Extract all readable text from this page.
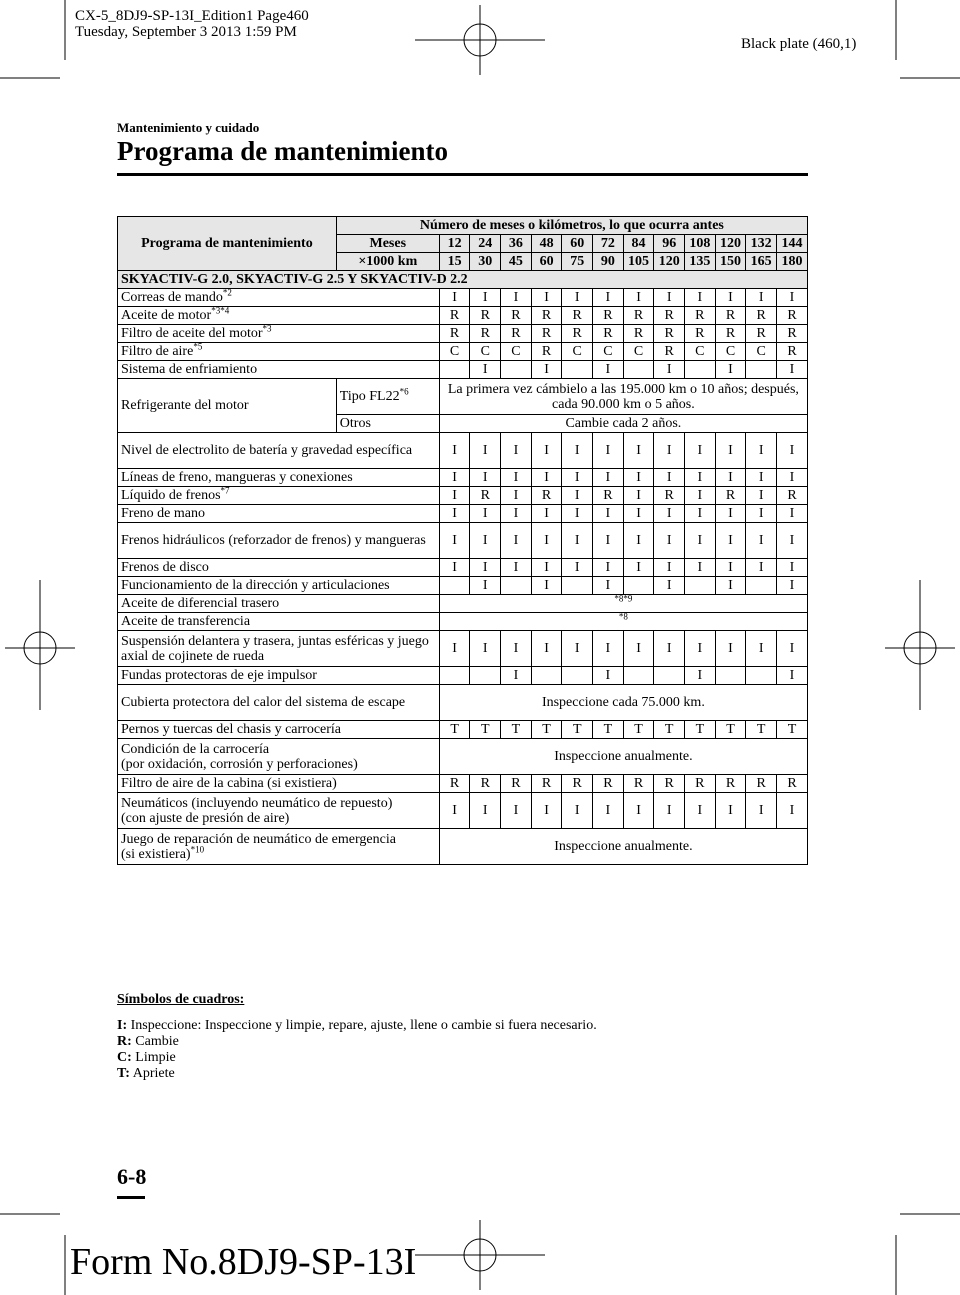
CX-5_8DJ9-SP-13I_Edition1 Page460
Tuesday, September 3 2013 1:59 PM
Black plate (460,1)
Mantenimiento y cuidado
Programa de mantenimiento
Programa de mantenimiento	Número de meses o kilómetros, lo que ocurra antes												
	Meses	12	24	36	48	60	72	84	96	108	120	132	144
	×1000 km	15	30	45	60	75	90	105	120	135	150	165	180
SKYACTIV-G 2.0, SKYACTIV-G 2.5 Y SKYACTIV-D 2.2													
Correas de mando$^{*2}$		I	I	I	I	I	I	I	I	I	I	I	I
Aceite de motor$^{*3*4}$		R	R	R	R	R	R	R	R	R	R	R	R
Filtro de aceite del motor$^{*3}$		R	R	R	R	R	R	R	R	R	R	R	R
Filtro de aire$^{*5}$		C	C	C	R	C	C	C	R	C	C	C	R
Sistema de enfriamiento			I		I		I		I		I		I
Refrigerante del motor	Tipo FL22$^{*6}$	La primera vez cámbielo a las 195.000 km o 10 años; después, cada 90.000 km o 5 años.											
	Otros	Cambie cada 2 años.											
Nivel de electrolito de batería y gravedad específica		I	I	I	I	I	I	I	I	I	I	I	I
Líneas de freno, mangueras y conexiones		I	I	I	I	I	I	I	I	I	I	I	I
Líquido de frenos$^{*7}$		I	R	I	R	I	R	I	R	I	R	I	R
Freno de mano		I	I	I	I	I	I	I	I	I	I	I	I
Frenos hidráulicos (reforzador de frenos) y mangueras		I	I	I	I	I	I	I	I	I	I	I	I
Frenos de disco		I	I	I	I	I	I	I	I	I	I	I	I
Funcionamiento de la dirección y articulaciones			I		I		I		I		I		I
Aceite de diferencial trasero		$^{*8*9}$
Aceite de transferencia		$^{*8}$
Suspensión delantera y trasera, juntas esféricas y juego axial de cojinete de rueda		I	I	I	I	I	I	I	I	I	I	I	I
Fundas protectoras de eje impulsor				I			I			I			I
Cubierta protectora del calor del sistema de escape		Inspeccione cada 75.000 km.											
Pernos y tuercas del chasis y carrocería		T	T	T	T	T	T	T	T	T	T	T	T
Condición de la carrocería
(por oxidación, corrosión y perforaciones)		Inspeccione anualmente.											
Filtro de aire de la cabina (si existiera)		R	R	R	R	R	R	R	R	R	R	R	R
Neumáticos (incluyendo neumático de repuesto)
(con ajuste de presión de aire)		I	I	I	I	I	I	I	I	I	I	I	I
Juego de reparación de neumático de emergencia
(si existiera)$^{*10}$		Inspeccione anualmente.											

Símbolos de cuadros:

I: Inspeccione: Inspeccione y limpie, repare, ajuste, llene o cambie si fuera necesario.

R: Cambie

C: Limpie

T: Apriete

6-8
Form No.8DJ9-SP-13I
